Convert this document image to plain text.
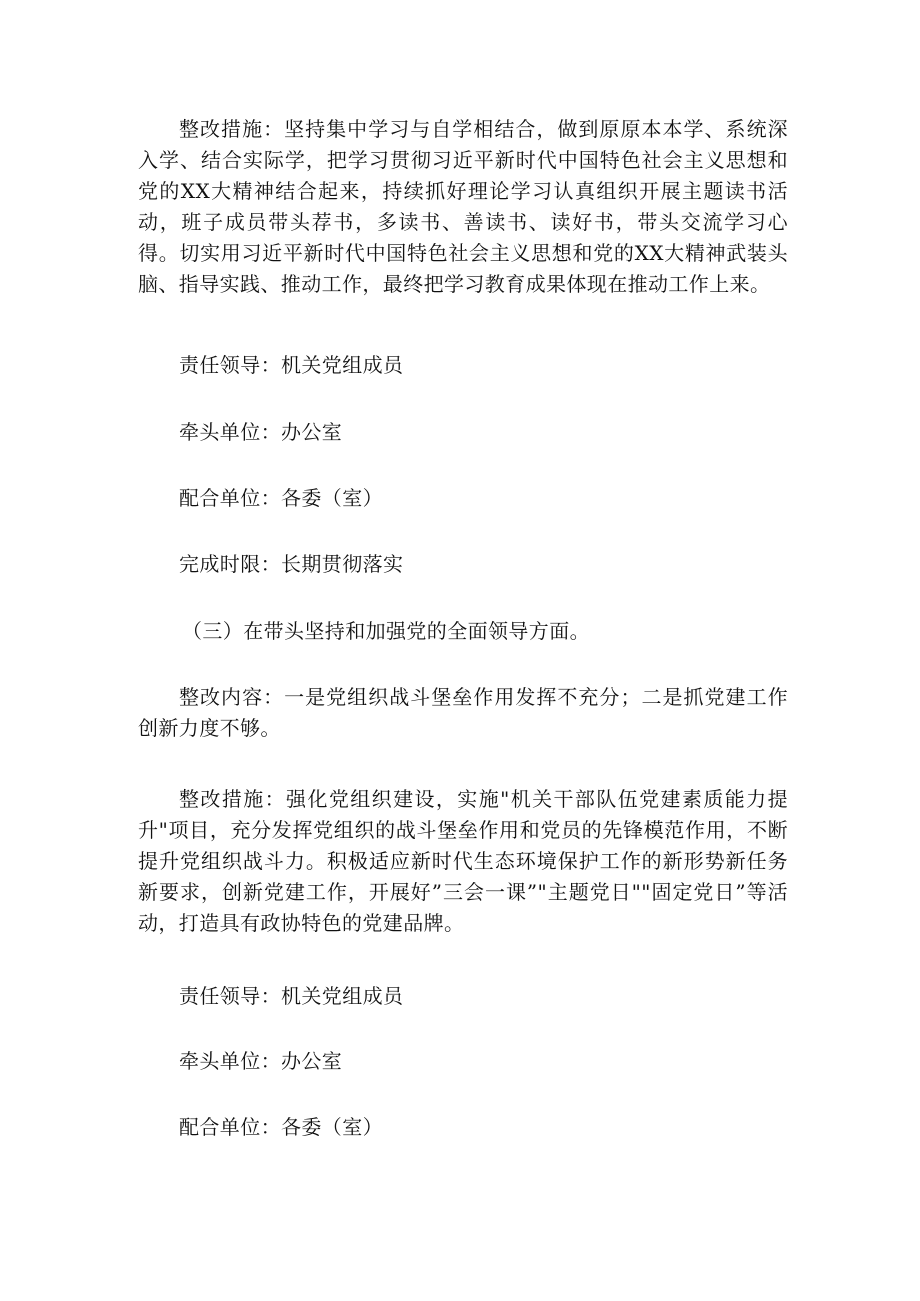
整改措施：坚持集中学习与自学相结合，做到原原本本学、系统深入学、结合实际学，把学习贯彻习近平新时代中国特色社会主义思想和党的XX大精神结合起来，持续抓好理论学习认真组织开展主题读书活动，班子成员带头荐书，多读书、善读书、读好书，带头交流学习心得。切实用习近平新时代中国特色社会主义思想和党的XX大精神武装头脑、指导实践、推动工作，最终把学习教育成果体现在推动工作上来。

责任领导：机关党组成员

牵头单位：办公室

配合单位：各委（室）

完成时限：长期贯彻落实

（三）在带头坚持和加强党的全面领导方面。

整改内容：一是党组织战斗堡垒作用发挥不充分；二是抓党建工作创新力度不够。

整改措施：强化党组织建设，实施"机关干部队伍党建素质能力提升"项目，充分发挥党组织的战斗堡垒作用和党员的先锋模范作用，不断提升党组织战斗力。积极适应新时代生态环境保护工作的新形势新任务新要求，创新党建工作，开展好”三会一课”"主题党日""固定党日”等活动，打造具有政协特色的党建品牌。

责任领导：机关党组成员

牵头单位：办公室

配合单位：各委（室）
